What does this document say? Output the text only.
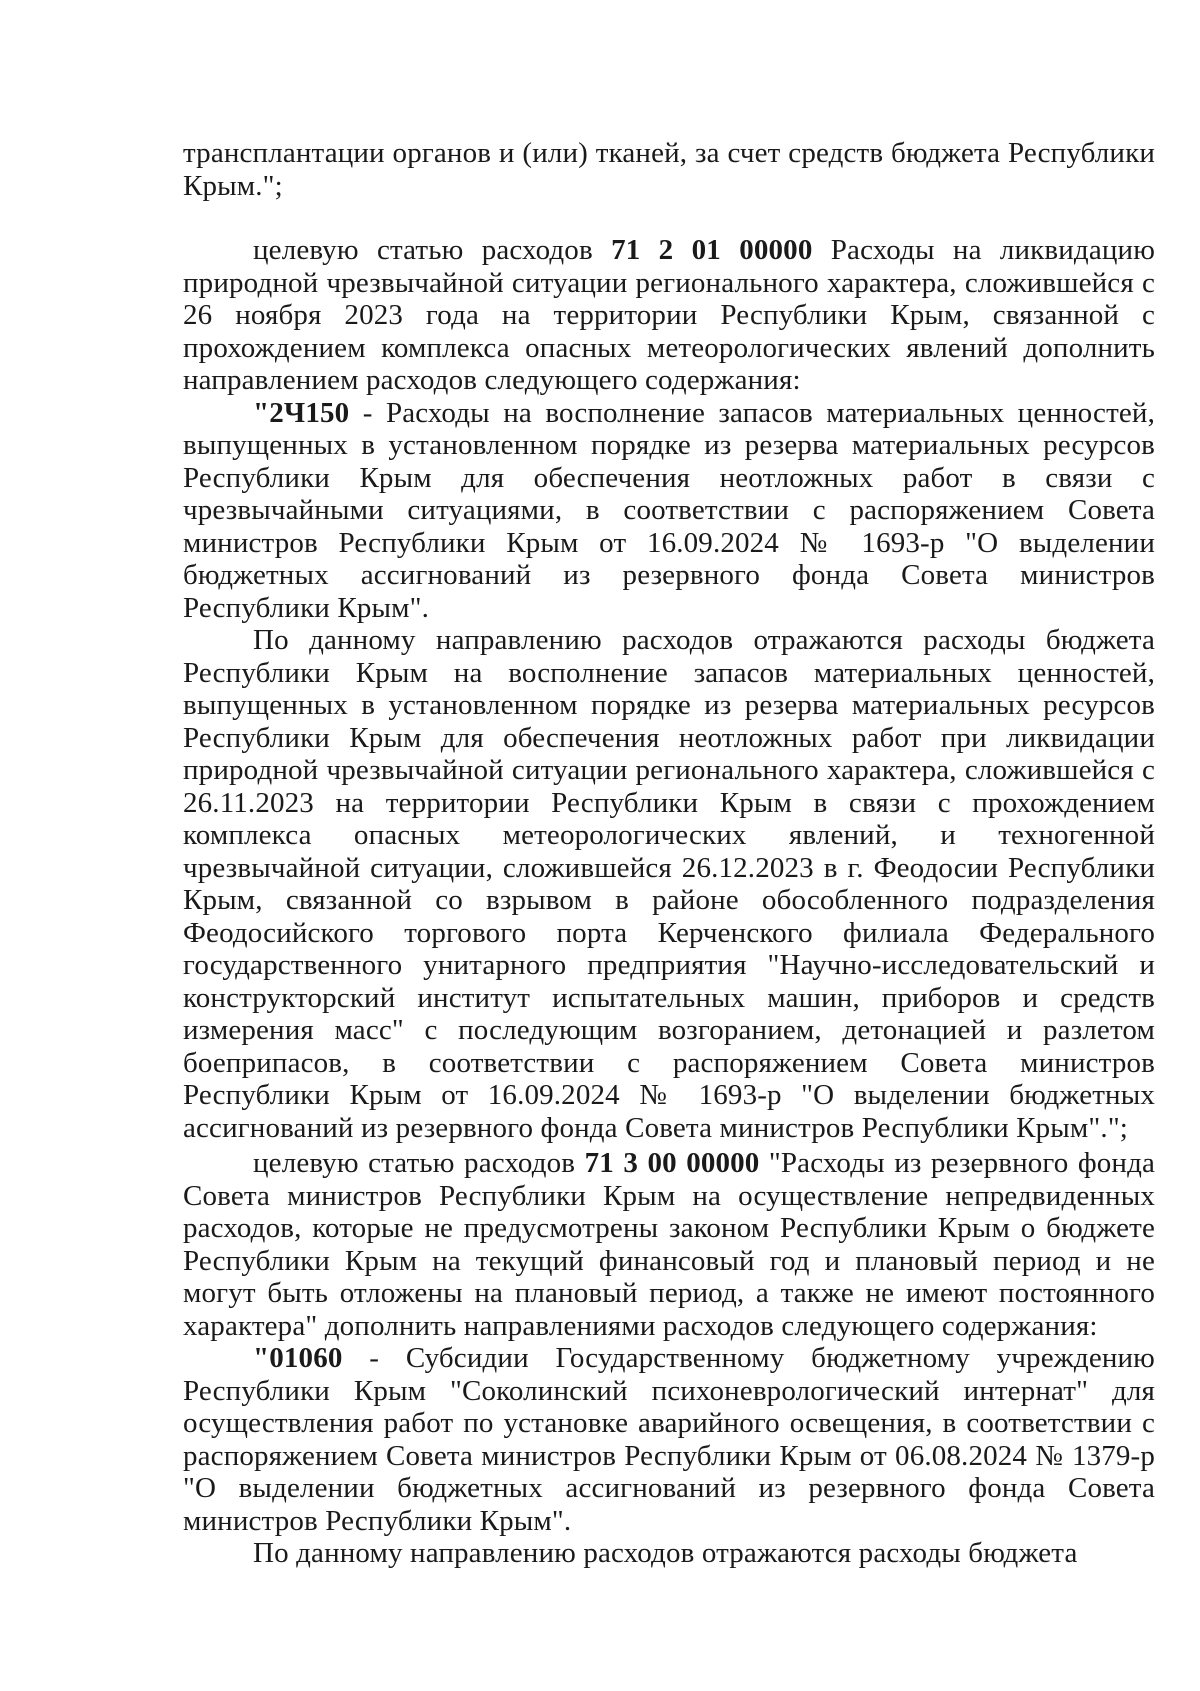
трансплантации органов и (или) тканей, за счет средств бюджета Республики Крым.";

целевую статью расходов 71 2 01 00000 Расходы на ликвидацию природной чрезвычайной ситуации регионального характера, сложившейся с 26 ноября 2023 года на территории Республики Крым, связанной с прохождением комплекса опасных метеорологических явлений дополнить направлением расходов следующего содержания:

"2Ч150 - Расходы на восполнение запасов материальных ценностей, выпущенных в установленном порядке из резерва материальных ресурсов Республики Крым для обеспечения неотложных работ в связи с чрезвычайными ситуациями, в соответствии с распоряжением Совета министров Республики Крым от 16.09.2024 № 1693-р "О выделении бюджетных ассигнований из резервного фонда Совета министров Республики Крым".

По данному направлению расходов отражаются расходы бюджета Республики Крым на восполнение запасов материальных ценностей, выпущенных в установленном порядке из резерва материальных ресурсов Республики Крым для обеспечения неотложных работ при ликвидации природной чрезвычайной ситуации регионального характера, сложившейся с 26.11.2023 на территории Республики Крым в связи с прохождением комплекса опасных метеорологических явлений, и техногенной чрезвычайной ситуации, сложившейся 26.12.2023 в г. Феодосии Республики Крым, связанной со взрывом в районе обособленного подразделения Феодосийского торгового порта Керченского филиала Федерального государственного унитарного предприятия "Научно-исследовательский и конструкторский институт испытательных машин, приборов и средств измерения масс" с последующим возгоранием, детонацией и разлетом боеприпасов, в соответствии с распоряжением Совета министров Республики Крым от 16.09.2024 № 1693-р "О выделении бюджетных ассигнований из резервного фонда Совета министров Республики Крым".";

целевую статью расходов 71 3 00 00000 "Расходы из резервного фонда Совета министров Республики Крым на осуществление непредвиденных расходов, которые не предусмотрены законом Республики Крым о бюджете Республики Крым на текущий финансовый год и плановый период и не могут быть отложены на плановый период, а также не имеют постоянного характера" дополнить направлениями расходов следующего содержания:

"01060 - Субсидии Государственному бюджетному учреждению Республики Крым "Соколинский психоневрологический интернат" для осуществления работ по установке аварийного освещения, в соответствии с распоряжением Совета министров Республики Крым от 06.08.2024 № 1379-р "О выделении бюджетных ассигнований из резервного фонда Совета министров Республики Крым".

По данному направлению расходов отражаются расходы бюджета
